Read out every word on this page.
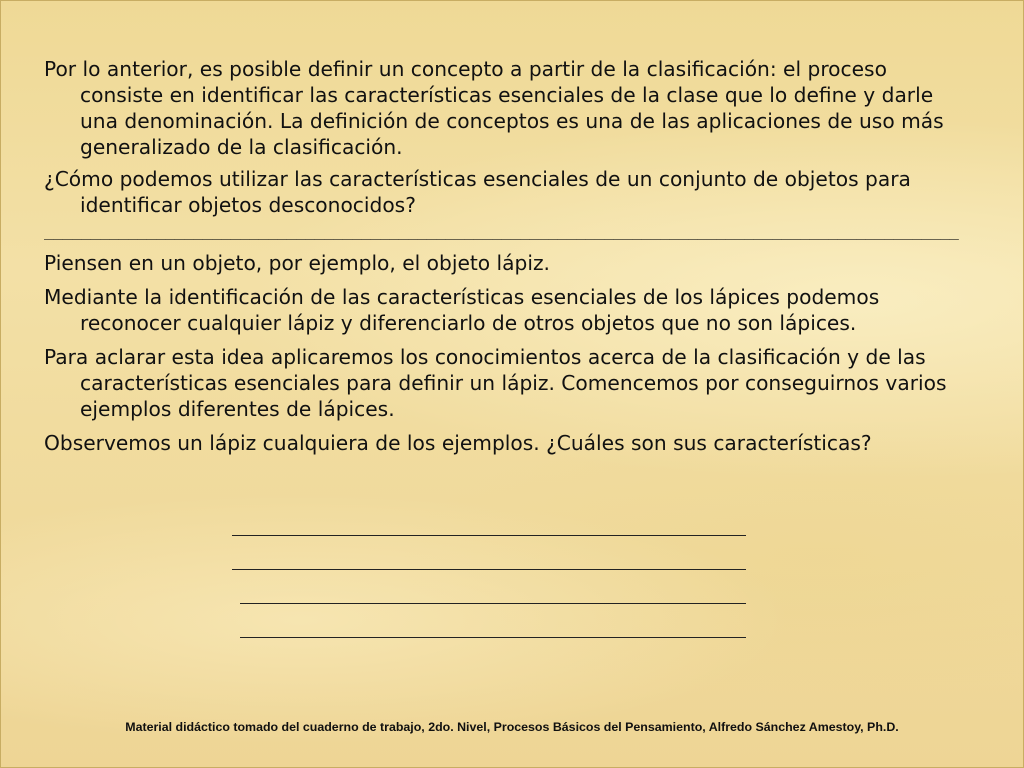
Por lo anterior, es posible definir un concepto a partir de la clasificación: el proceso consiste en identificar las características esenciales de la clase que lo define y darle una denominación. La definición de conceptos es una de las aplicaciones de uso más generalizado de la clasificación.

¿Cómo podemos utilizar las características esenciales de un conjunto de objetos para identificar objetos desconocidos?

__________________________________________________________________________________________________

Piensen en un objeto, por ejemplo, el objeto lápiz.

Mediante la identificación de las características esenciales de los lápices podemos reconocer cualquier lápiz y diferenciarlo de otros objetos que no son lápices.

Para aclarar esta idea aplicaremos los conocimientos acerca de la clasificación y de las características esenciales para definir un lápiz. Comencemos por conseguirnos varios ejemplos diferentes de lápices.

Observemos un lápiz cualquiera de los ejemplos. ¿Cuáles son sus características?

Material didáctico tomado del cuaderno de trabajo, 2do. Nivel, Procesos Básicos del Pensamiento, Alfredo Sánchez Amestoy, Ph.D.
